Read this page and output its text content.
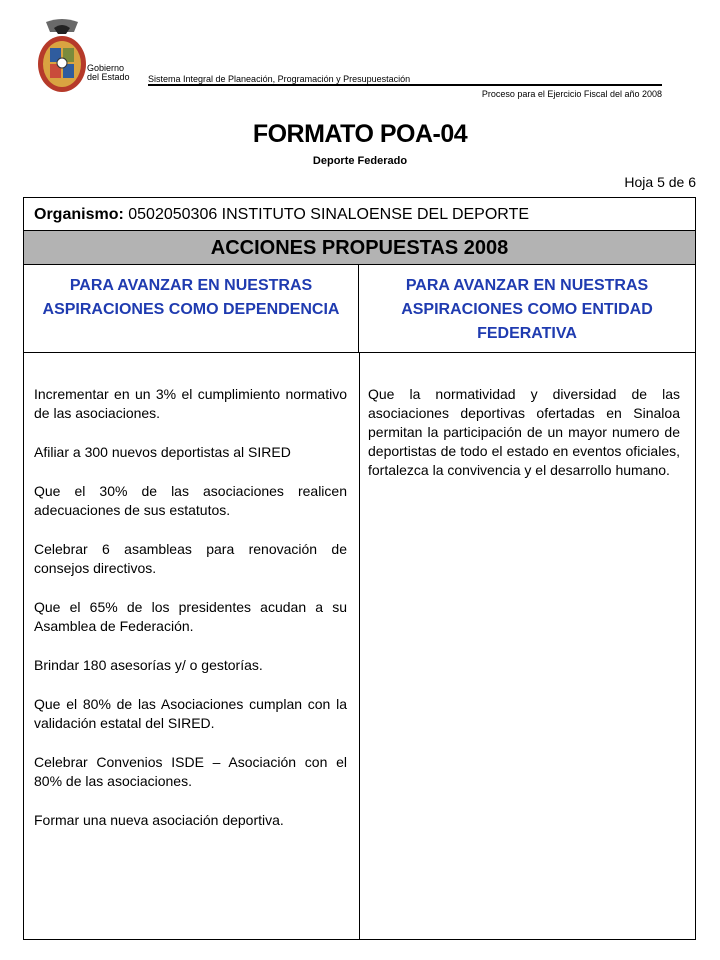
Gobierno
del Estado Sistema Integral de Planeación, Programación y Presupuestación
Proceso para el Ejercicio Fiscal del año 2008
FORMATO POA-04
Deporte Federado
Hoja 5 de 6
Organismo: 0502050306 INSTITUTO SINALOENSE DEL DEPORTE
ACCIONES PROPUESTAS 2008
PARA AVANZAR EN NUESTRAS ASPIRACIONES COMO DEPENDENCIA
PARA AVANZAR EN NUESTRAS ASPIRACIONES COMO ENTIDAD FEDERATIVA

Incrementar en un 3% el cumplimiento normativo de las asociaciones.

Afiliar a 300 nuevos deportistas al SIRED

Que el 30% de las asociaciones realicen adecuaciones de sus estatutos.

Celebrar 6 asambleas para renovación de consejos directivos.

Que el 65% de los presidentes acudan a su Asamblea de Federación.

Brindar 180 asesorías y/ o gestorías.

Que el 80% de las Asociaciones cumplan con la validación estatal del SIRED.

Celebrar Convenios ISDE – Asociación con el 80% de las asociaciones.

Formar una nueva asociación deportiva.

Que la normatividad y diversidad de las asociaciones deportivas ofertadas en Sinaloa permitan la participación de un mayor numero de deportistas de todo el estado en eventos oficiales, fortalezca la convivencia y el desarrollo humano.
